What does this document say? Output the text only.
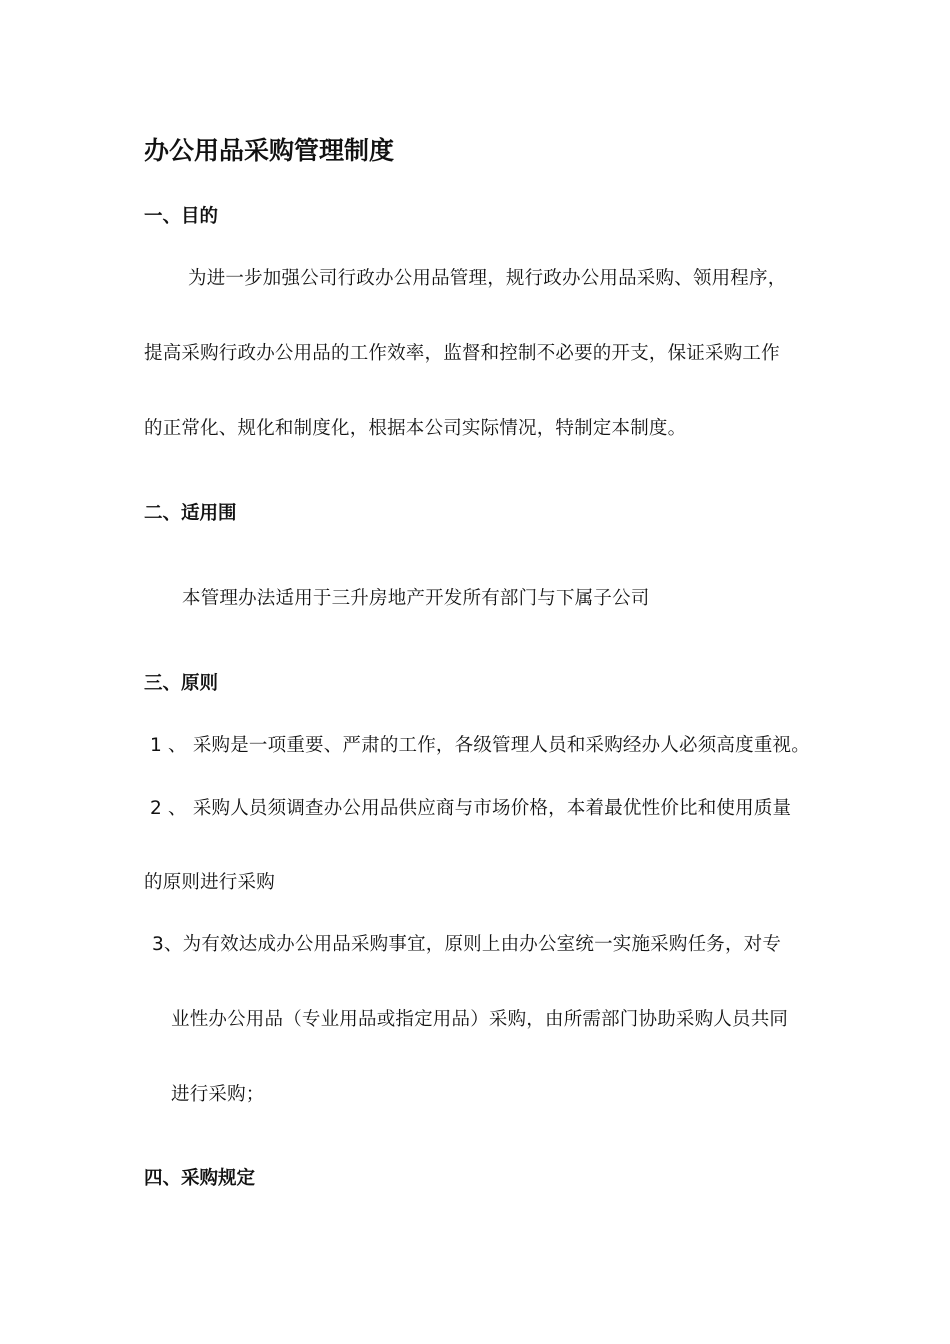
办公用品采购管理制度
一、目的
为进一步加强公司行政办公用品管理，规行政办公用品采购、领用程序，
提高采购行政办公用品的工作效率，监督和控制不必要的开支，保证采购工作
的正常化、规化和制度化，根据本公司实际情况，特制定本制度。
二、适用围
本管理办法适用于三升房地产开发所有部门与下属子公司
三、原则
1 、 采购是一项重要、严肃的工作，各级管理人员和采购经办人必须高度重视。
2 、 采购人员须调查办公用品供应商与市场价格，本着最优性价比和使用质量
的原则进行采购
3、为有效达成办公用品采购事宜，原则上由办公室统一实施采购任务，对专
业性办公用品（专业用品或指定用品）采购，由所需部门协助采购人员共同
进行采购；
四、采购规定
